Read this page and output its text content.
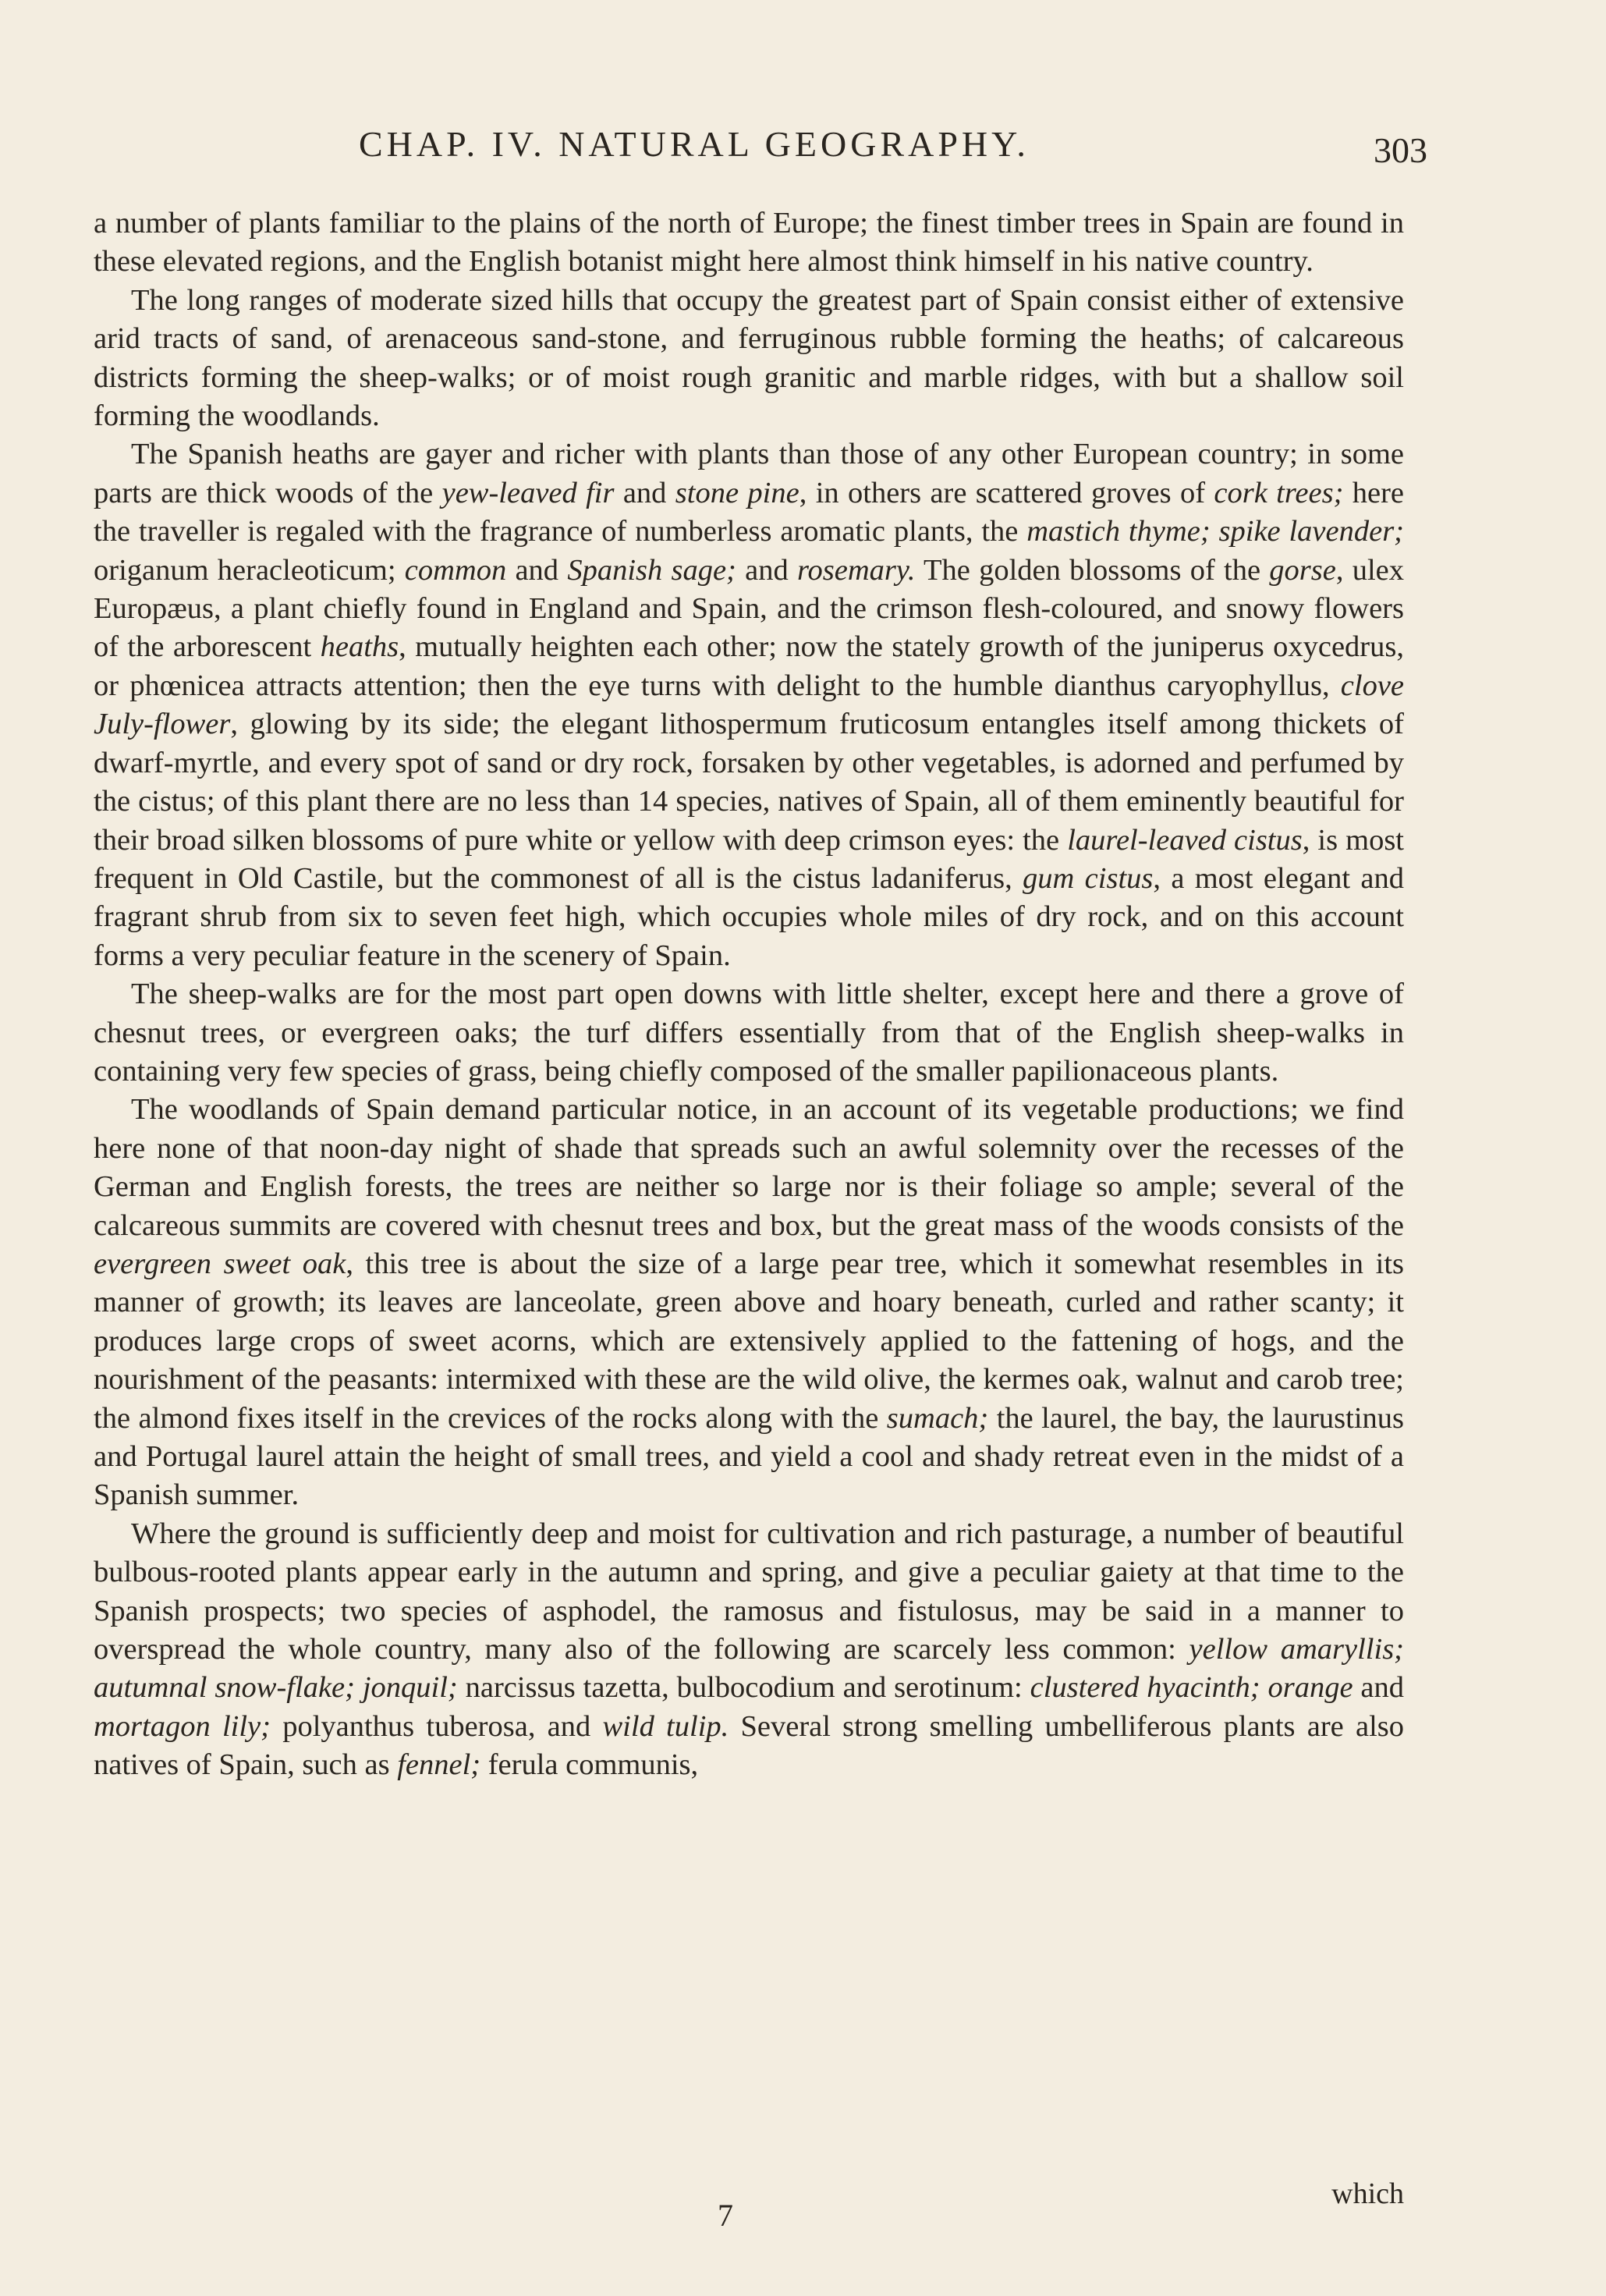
CHAP. IV. NATURAL GEOGRAPHY.	303

a number of plants familiar to the plains of the north of Europe; the finest timber trees in Spain are found in these elevated regions, and the English botanist might here almost think himself in his native country.

The long ranges of moderate sized hills that occupy the greatest part of Spain consist either of extensive arid tracts of sand, of arenaceous sand-stone, and ferruginous rubble forming the heaths; of calcareous districts forming the sheep-walks; or of moist rough granitic and marble ridges, with but a shallow soil forming the woodlands.

The Spanish heaths are gayer and richer with plants than those of any other European country; in some parts are thick woods of the yew-leaved fir and stone pine, in others are scattered groves of cork trees; here the traveller is regaled with the fragrance of numberless aromatic plants, the mastich thyme; spike lavender; origanum heracleoticum; common and Spanish sage; and rosemary. The golden blossoms of the gorse, ulex Europæus, a plant chiefly found in England and Spain, and the crimson flesh-coloured, and snowy flowers of the arborescent heaths, mutually heighten each other; now the stately growth of the juniperus oxycedrus, or phœnicea attracts attention; then the eye turns with delight to the humble dianthus caryophyllus, clove July-flower, glowing by its side; the elegant lithospermum fruticosum entangles itself among thickets of dwarf-myrtle, and every spot of sand or dry rock, forsaken by other vegetables, is adorned and perfumed by the cistus; of this plant there are no less than 14 species, natives of Spain, all of them eminently beautiful for their broad silken blossoms of pure white or yellow with deep crimson eyes: the laurel-leaved cistus, is most frequent in Old Castile, but the commonest of all is the cistus ladaniferus, gum cistus, a most elegant and fragrant shrub from six to seven feet high, which occupies whole miles of dry rock, and on this account forms a very peculiar feature in the scenery of Spain.

The sheep-walks are for the most part open downs with little shelter, except here and there a grove of chesnut trees, or evergreen oaks; the turf differs essentially from that of the English sheep-walks in containing very few species of grass, being chiefly composed of the smaller papilionaceous plants.

The woodlands of Spain demand particular notice, in an account of its vegetable productions; we find here none of that noon-day night of shade that spreads such an awful solemnity over the recesses of the German and English forests, the trees are neither so large nor is their foliage so ample; several of the calcareous summits are covered with chesnut trees and box, but the great mass of the woods consists of the evergreen sweet oak, this tree is about the size of a large pear tree, which it somewhat resembles in its manner of growth; its leaves are lanceolate, green above and hoary beneath, curled and rather scanty; it produces large crops of sweet acorns, which are extensively applied to the fattening of hogs, and the nourishment of the peasants: intermixed with these are the wild olive, the kermes oak, walnut and carob tree; the almond fixes itself in the crevices of the rocks along with the sumach; the laurel, the bay, the laurustinus and Portugal laurel attain the height of small trees, and yield a cool and shady retreat even in the midst of a Spanish summer.

Where the ground is sufficiently deep and moist for cultivation and rich pasturage, a number of beautiful bulbous-rooted plants appear early in the autumn and spring, and give a peculiar gaiety at that time to the Spanish prospects; two species of asphodel, the ramosus and fistulosus, may be said in a manner to overspread the whole country, many also of the following are scarcely less common: yellow amaryllis; autumnal snow-flake; jonquil; narcissus tazetta, bulbocodium and serotinum: clustered hyacinth; orange and mortagon lily; polyanthus tuberosa, and wild tulip. Several strong smelling umbelliferous plants are also natives of Spain, such as fennel; ferula communis,

7
which
